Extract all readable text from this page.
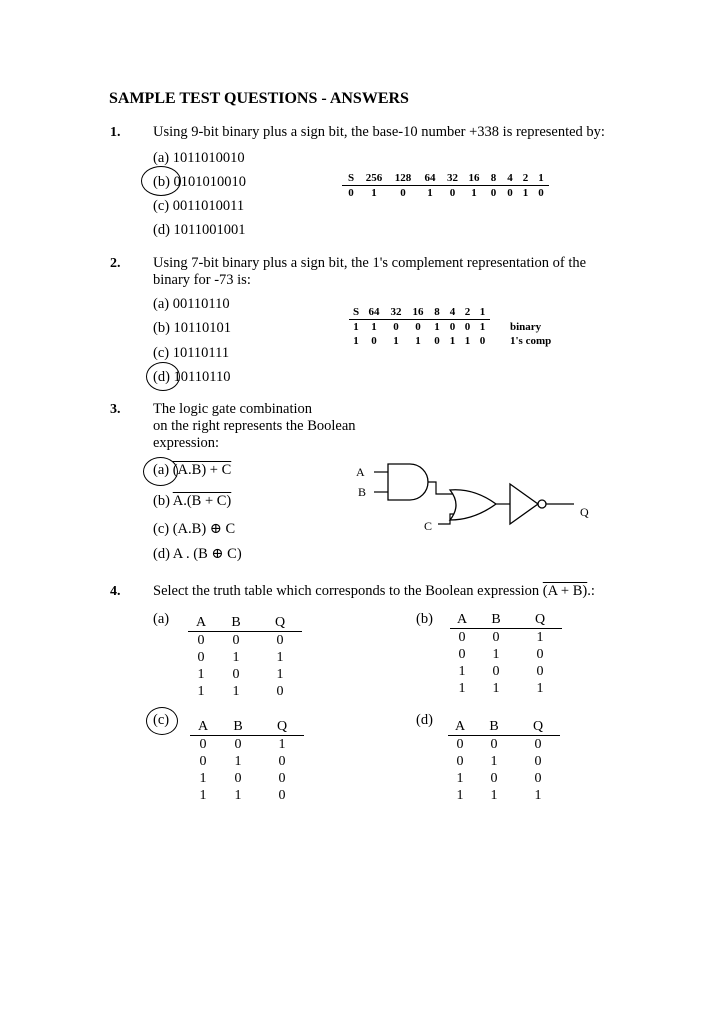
SAMPLE TEST QUESTIONS - ANSWERS
1. Using 9-bit binary plus a sign bit, the base-10 number +338 is represented by:
(a) 1011010010
(b) 0101010010
(c) 0011010011
(d) 1011001001
S	256	128	64	32	16	8	4	2	1
0	1	0	1	0	1	0	0	1	0
2. Using 7-bit binary plus a sign bit, the 1's complement representation of the
binary for -73 is:
(a) 00110110
(b) 10110101
(c) 10110111
(d) 10110110
S	64	32	16	8	4	2	1	
1	1	0	0	1	0	0	1	binary
1	0	1	1	0	1	1	0	1's comp
3. The logic gate combination
on the right represents the Boolean
expression:
(a) (A.B) + C
(b) A.(B + C)
(c) (A.B) ⊕ C
(d) A . (B ⊕ C)
A
B
C
Q
4. Select the truth table which corresponds to the Boolean expression (A + B).:
(a) A	B	Q
0	0	0
0	1	1
1	0	1
1	1	0
(b) A	B	Q
0	0	1
0	1	0
1	0	0
1	1	1
(c) A	B	Q
0	0	1
0	1	0
1	0	0
1	1	0
(d) A	B	Q
0	0	0
0	1	0
1	0	0
1	1	1
